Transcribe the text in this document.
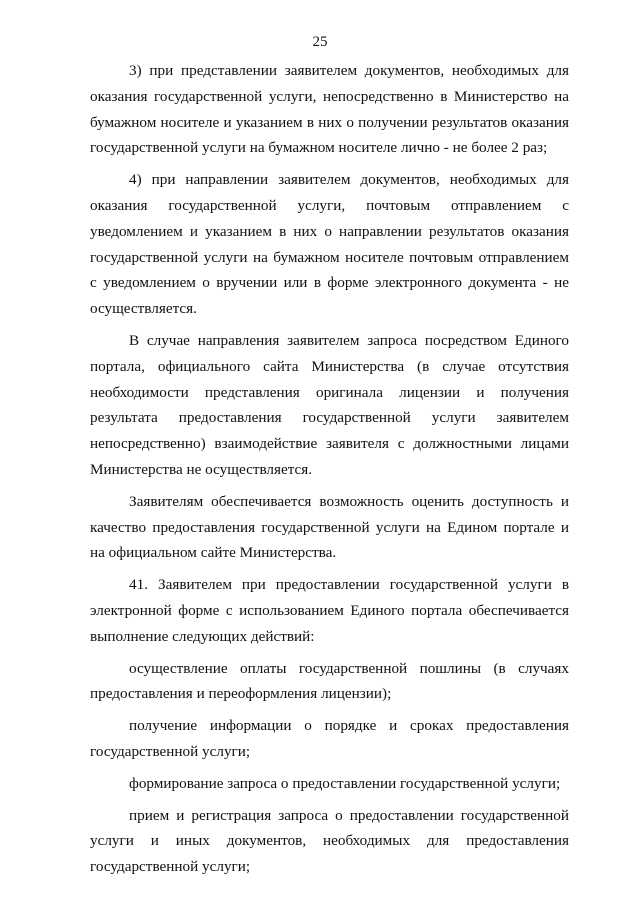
25

3) при представлении заявителем документов, необходимых для оказания государственной услуги, непосредственно в Министерство на бумажном носителе и указанием в них о получении результатов оказания государственной услуги на бумажном носителе лично - не более 2 раз;

4) при направлении заявителем документов, необходимых для оказания государственной услуги, почтовым отправлением с уведомлением и указанием в них о направлении результатов оказания государственной услуги на бумажном носителе почтовым отправлением с уведомлением о вручении или в форме электронного документа - не осуществляется.

В случае направления заявителем запроса посредством Единого портала, официального сайта Министерства (в случае отсутствия необходимости представления оригинала лицензии и получения результата предоставления государственной услуги заявителем непосредственно) взаимодействие заявителя с должностными лицами Министерства не осуществляется.

Заявителям обеспечивается возможность оценить доступность и качество предоставления государственной услуги на Едином портале и на официальном сайте Министерства.

41. Заявителем при предоставлении государственной услуги в электронной форме с использованием Единого портала обеспечивается выполнение следующих действий:

осуществление оплаты государственной пошлины (в случаях предоставления и переоформления лицензии);

получение информации о порядке и сроках предоставления государственной услуги;

формирование запроса о предоставлении государственной услуги;

прием и регистрация запроса о предоставлении государственной услуги и иных документов, необходимых для предоставления государственной услуги;
